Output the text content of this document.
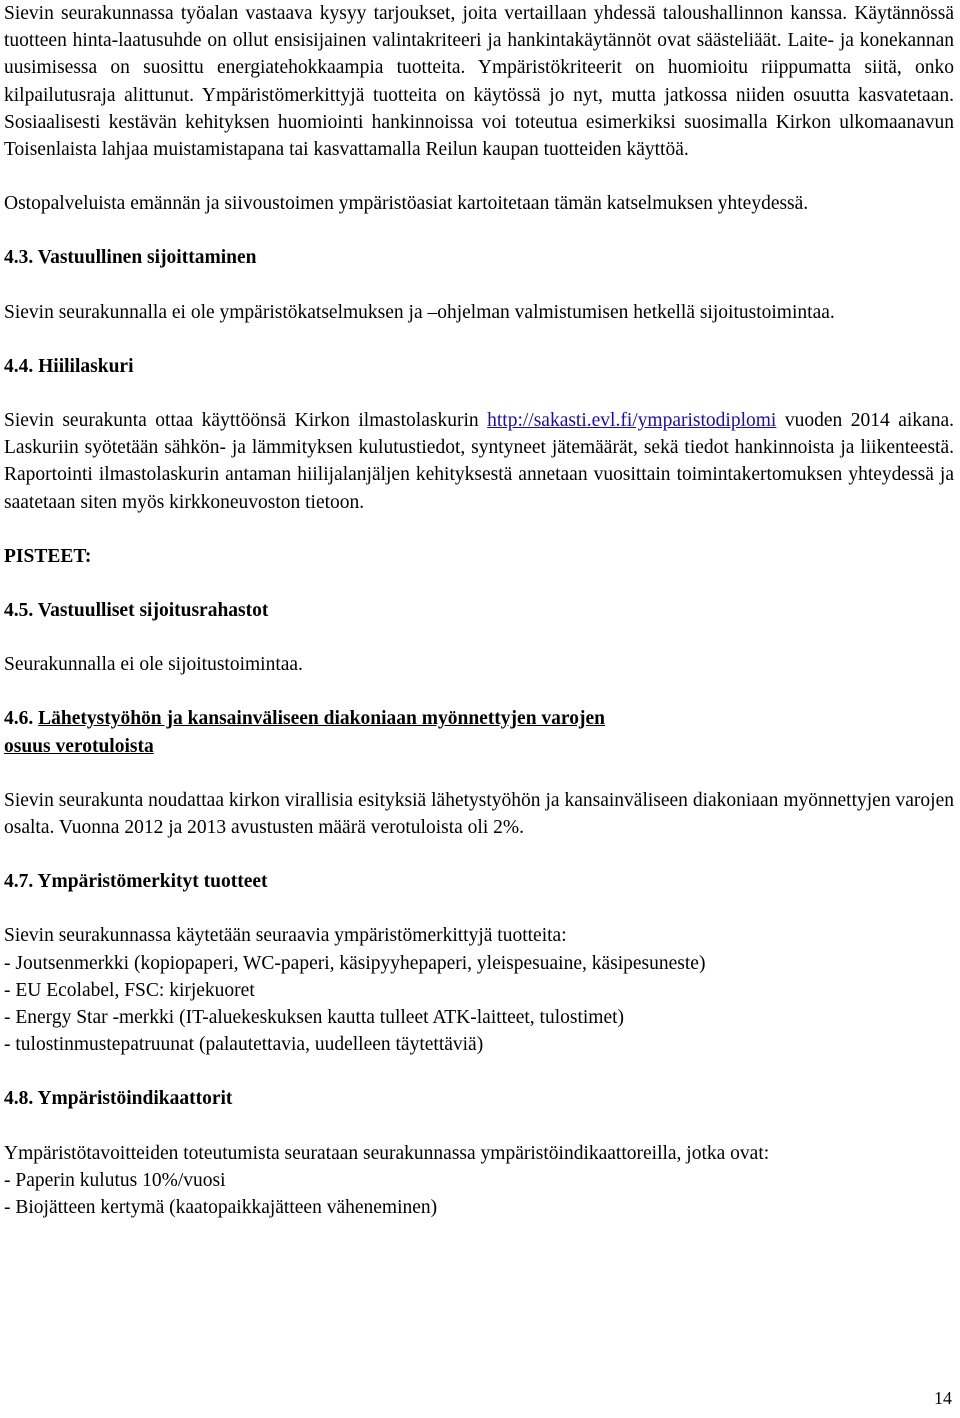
Sievin seurakunnassa työalan vastaava kysyy tarjoukset, joita vertaillaan yhdessä taloushallinnon kanssa. Käytännössä tuotteen hinta-laatusuhde on ollut ensisijainen valintakriteeri ja hankintakäytännöt ovat säästeliäät. Laite- ja konekannan uusimisessa on suosittu energiatehokkaampia tuotteita. Ympäristökriteerit on huomioitu riippumatta siitä, onko kilpailutusraja alittunut. Ympäristömerkittyjä tuotteita on käytössä jo nyt, mutta jatkossa niiden osuutta kasvatetaan. Sosiaalisesti kestävän kehityksen huomiointi hankinnoissa voi toteutua esimerkiksi suosimalla Kirkon ulkomaanavun Toisenlaista lahjaa muistamistapana tai kasvattamalla Reilun kaupan tuotteiden käyttöä.

Ostopalveluista emännän ja siivoustoimen ympäristöasiat kartoitetaan tämän katselmuksen yhteydessä.

4.3. Vastuullinen sijoittaminen

Sievin seurakunnalla ei ole ympäristökatselmuksen ja –ohjelman valmistumisen hetkellä sijoitustoimintaa.

4.4. Hiililaskuri

Sievin seurakunta ottaa käyttöönsä Kirkon ilmastolaskurin http://sakasti.evl.fi/ymparistodiplomi vuoden 2014 aikana. Laskuriin syötetään sähkön- ja lämmityksen kulutustiedot, syntyneet jätemäärät, sekä tiedot hankinnoista ja liikenteestä. Raportointi ilmastolaskurin antaman hiilijalanjäljen kehityksestä annetaan vuosittain toimintakertomuksen yhteydessä ja saatetaan siten myös kirkkoneuvoston tietoon.

PISTEET:

4.5. Vastuulliset sijoitusrahastot

Seurakunnalla ei ole sijoitustoimintaa.

4.6. Lähetystyöhön ja kansainväliseen diakoniaan myönnettyjen varojen
osuus verotuloista

Sievin seurakunta noudattaa kirkon virallisia esityksiä lähetystyöhön ja kansainväliseen diakoniaan myönnettyjen varojen osalta. Vuonna 2012 ja 2013 avustusten määrä verotuloista oli 2%.

4.7. Ympäristömerkityt tuotteet

Sievin seurakunnassa käytetään seuraavia ympäristömerkittyjä tuotteita:

- Joutsenmerkki (kopiopaperi, WC-paperi, käsipyyhepaperi, yleispesuaine, käsipesuneste)

- EU Ecolabel, FSC: kirjekuoret

- Energy Star -merkki (IT-aluekeskuksen kautta tulleet ATK-laitteet, tulostimet)

- tulostinmustepatruunat (palautettavia, uudelleen täytettäviä)

4.8. Ympäristöindikaattorit

Ympäristötavoitteiden toteutumista seurataan seurakunnassa ympäristöindikaattoreilla, jotka ovat:

- Paperin kulutus 10%/vuosi

- Biojätteen kertymä (kaatopaikkajätteen väheneminen)

14
